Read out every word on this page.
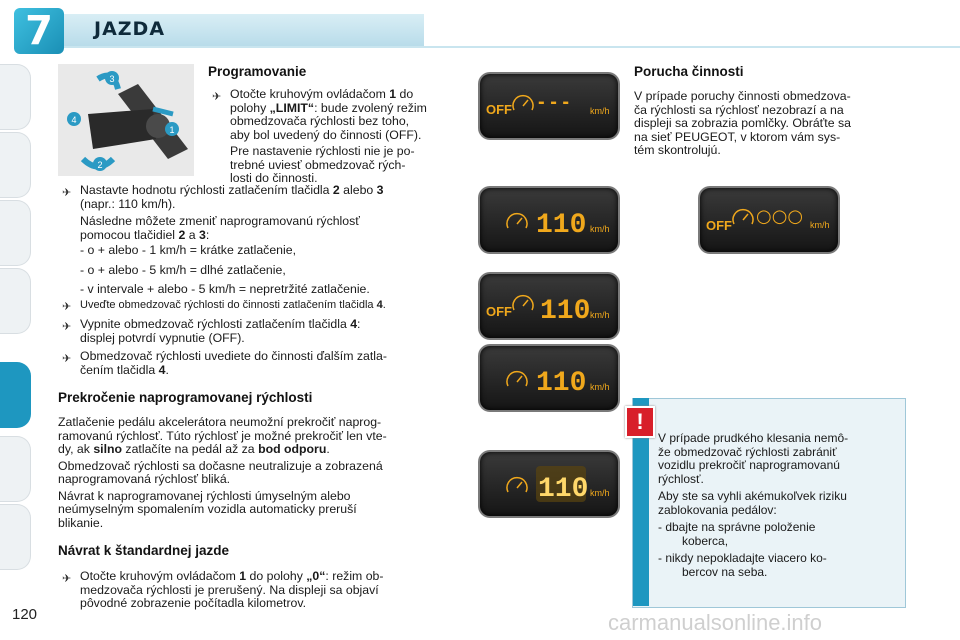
7 JAZDA
120	carmanualsonline.info
3
1
2
4
Programovanie
✈ Otočte kruhovým ovládačom 1 do
polohy „LIMIT“: bude zvolený režim
obmedzovača rýchlosti bez toho,
aby bol uvedený do činnosti (OFF).
Pre nastavenie rýchlosti nie je po-
trebné uviesť obmedzovač rých-
losti do činnosti.
✈ Nastavte hodnotu rýchlosti zatlačením tlačidla 2 alebo 3
(napr.: 110 km/h).
Následne môžete zmeniť naprogramovanú rýchlosť
pomocou tlačidiel 2 a 3:
- o + alebo - 1 km/h = krátke zatlačenie,
- o + alebo - 5 km/h = dlhé zatlačenie,
- v intervale + alebo - 5 km/h = nepretržité zatlačenie.
✈ Uveďte obmedzovač rýchlosti do činnosti zatlačením tlačidla 4.
✈ Vypnite obmedzovač rýchlosti zatlačením tlačidla 4:
displej potvrdí vypnutie (OFF).
✈ Obmedzovač rýchlosti uvediete do činnosti ďalším zatla-
čením tlačidla 4.
Prekročenie naprogramovanej rýchlosti
Zatlačenie pedálu akcelerátora neumožní prekročiť naprog-
ramovanú rýchlosť. Túto rýchlosť je možné prekročiť len vte-
dy, ak silno zatlačíte na pedál až za bod odporu.
Obmedzovač rýchlosti sa dočasne neutralizuje a zobrazená
naprogramovaná rýchlosť bliká.
Návrat k naprogramovanej rýchlosti úmyselným alebo
neúmyselným spomalením vozidla automaticky preruší
blikanie.
Návrat k štandardnej jazde
✈ Otočte kruhovým ovládačom 1 do polohy „0“: režim ob-
medzovača rýchlosti je prerušený. Na displeji sa objaví
pôvodné zobrazenie počítadla kilometrov.
OFF - - - km/h
110 km/h
OFF 110 km/h
110 km/h
110 km/h
OFF ○○○ km/h
Porucha činnosti
V prípade poruchy činnosti obmedzova-
ča rýchlosti sa rýchlosť nezobrazí a na
displeji sa zobrazia pomlčky. Obráťte sa
na sieť PEUGEOT, v ktorom vám sys-
tém skontrolujú.
!
V prípade prudkého klesania nemô-
že obmedzovač rýchlosti zabrániť
vozidlu prekročiť naprogramovanú
rýchlosť.
Aby ste sa vyhli akémukoľvek riziku
zablokovania pedálov:
- dbajte na správne položenie
koberca,
- nikdy nepokladajte viacero ko-
bercov na seba.
